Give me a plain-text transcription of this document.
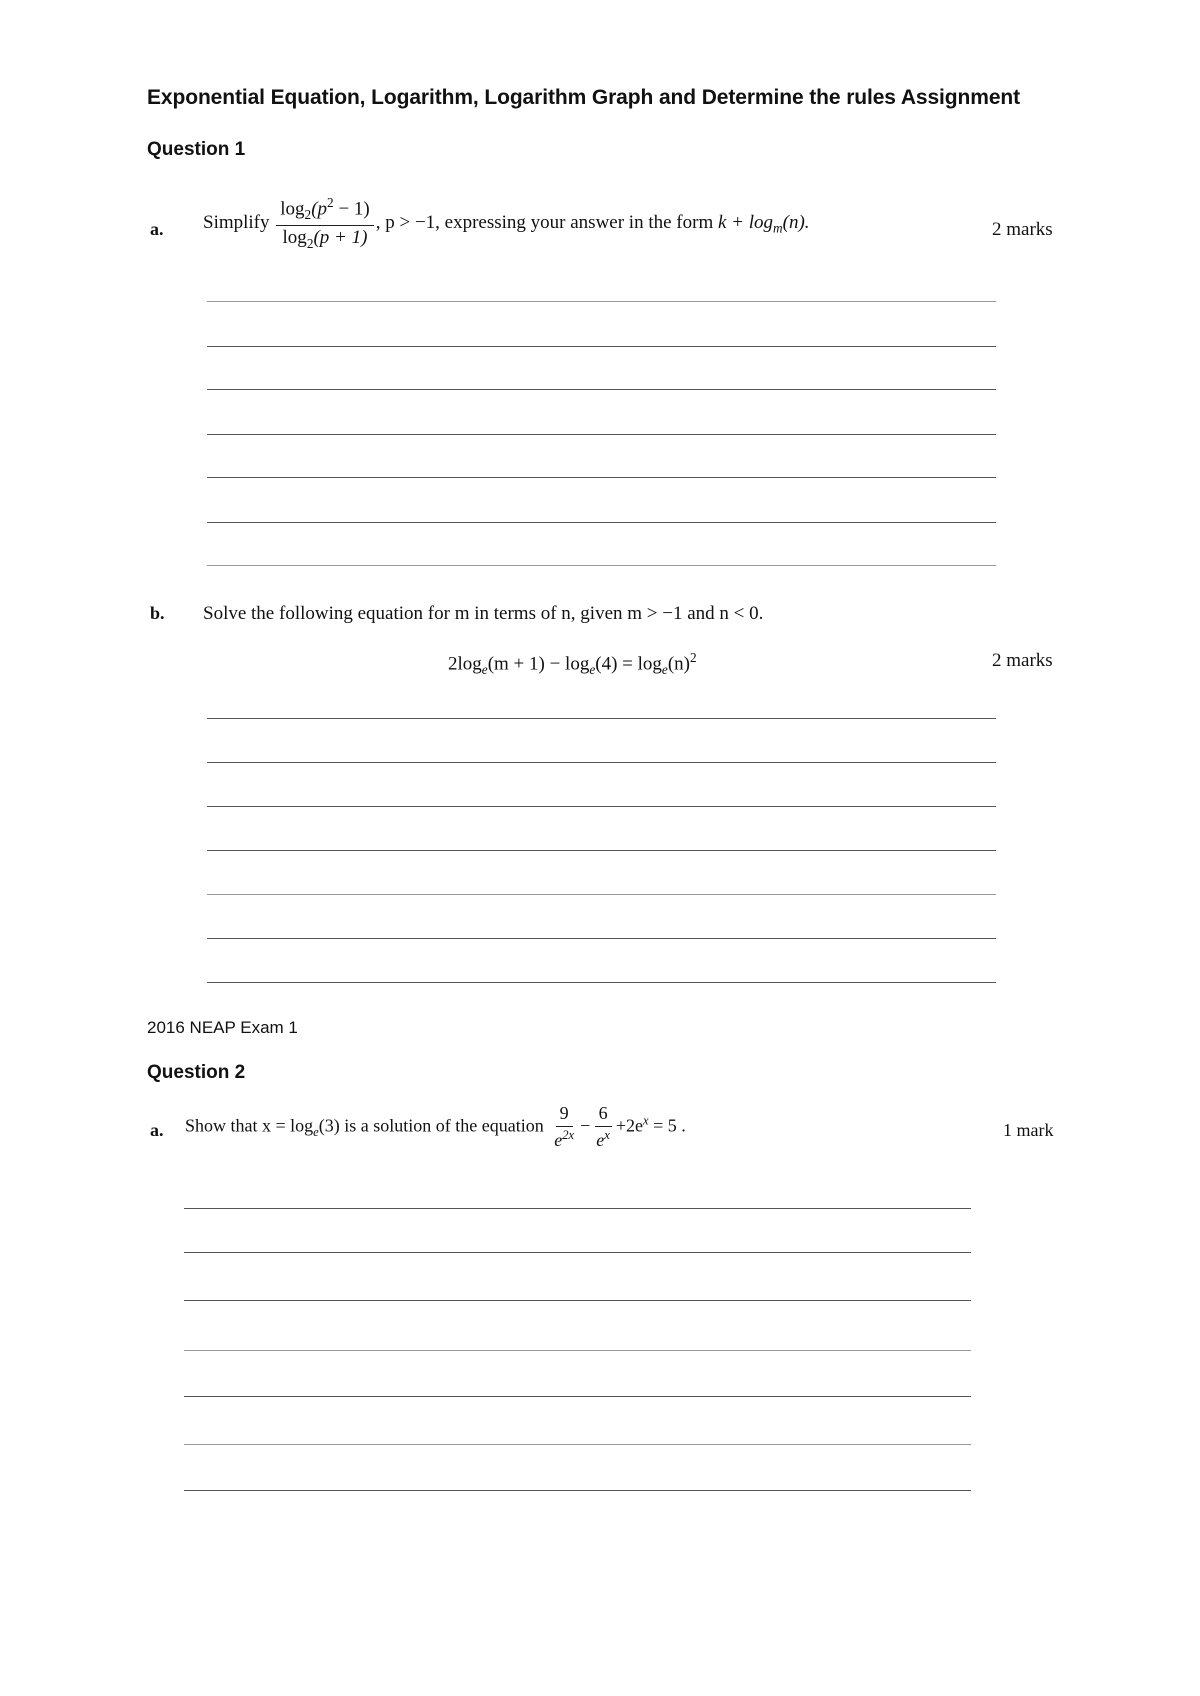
Exponential Equation, Logarithm, Logarithm Graph and Determine the rules Assignment
Question 1
a. Simplify $\frac{\log_2(p^2 - 1)}{\log_2(p + 1)}$ , p > −1, expressing your answer in the form $k + \log_m(n)$.	2 marks
b. Solve the following equation for m in terms of n, given m > −1 and n < 0.
$2\log_e(m + 1) - \log_e(4) = \log_e(n)^2$	2 marks
2016 NEAP Exam 1
Question 2
a. Show that $x = \log_e(3)$ is a solution of the equation $\frac{9}{e^{2x}} - \frac{6}{e^x} +2e^x = 5$ .	1 mark
